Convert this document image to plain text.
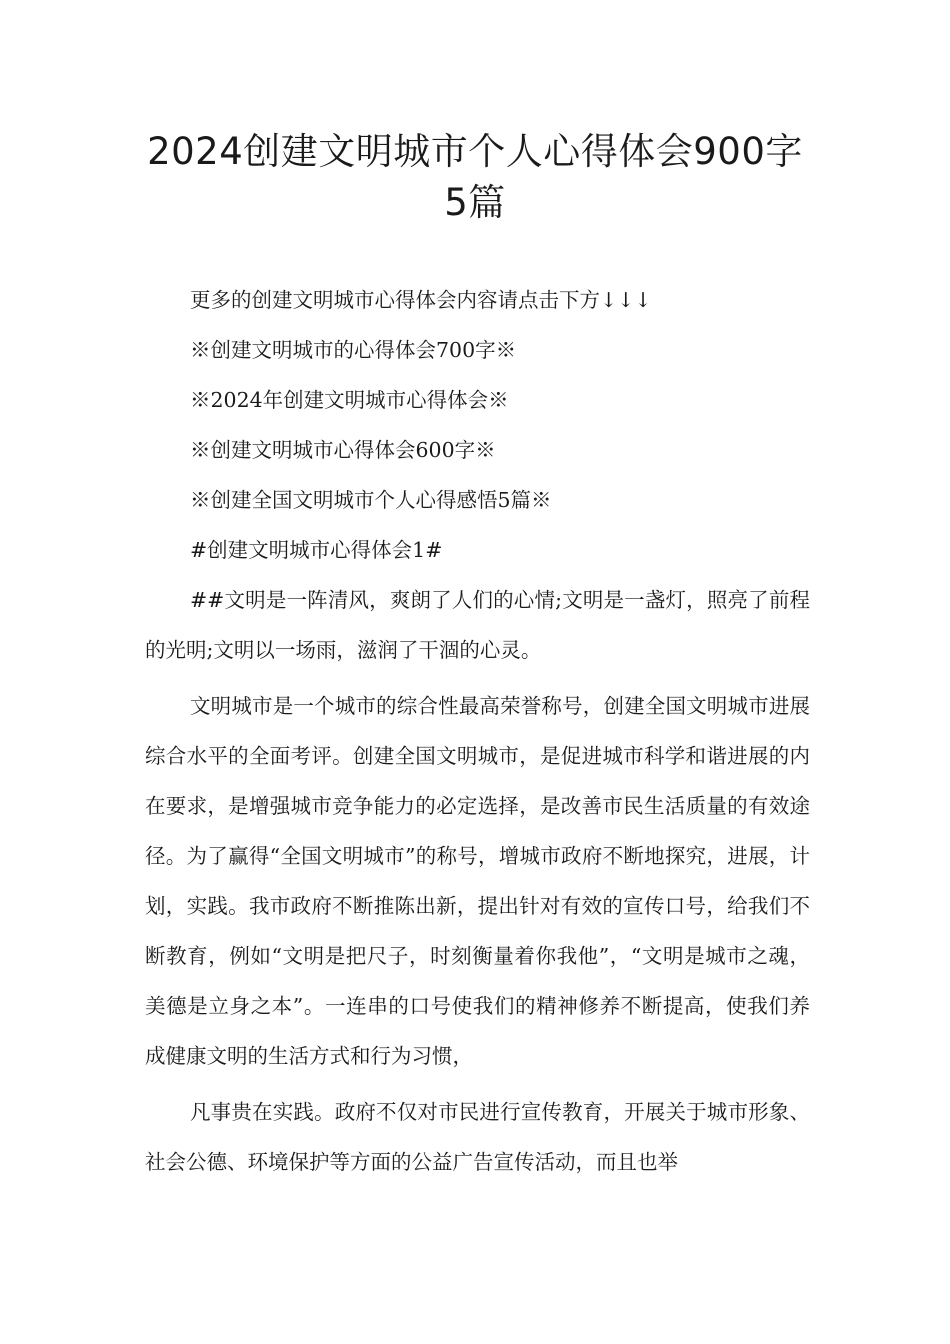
2024创建文明城市个人心得体会900字
5篇
更多的创建文明城市心得体会内容请点击下方↓↓↓
※创建文明城市的心得体会700字※
※2024年创建文明城市心得体会※
※创建文明城市心得体会600字※
※创建全国文明城市个人心得感悟5篇※
#创建文明城市心得体会1#

##文明是一阵清风，爽朗了人们的心情;文明是一盏灯，照亮了前程的光明;文明以一场雨，滋润了干涸的心灵。

文明城市是一个城市的综合性最高荣誉称号，创建全国文明城市进展综合水平的全面考评。创建全国文明城市，是促进城市科学和谐进展的内在要求，是增强城市竞争能力的必定选择，是改善市民生活质量的有效途径。为了赢得“全国文明城市”的称号，增城市政府不断地探究，进展，计划，实践。我市政府不断推陈出新，提出针对有效的宣传口号，给我们不断教育，例如“文明是把尺子，时刻衡量着你我他”，“文明是城市之魂，美德是立身之本”。一连串的口号使我们的精神修养不断提高，使我们养成健康文明的生活方式和行为习惯，

凡事贵在实践。政府不仅对市民进行宣传教育，开展关于城市形象、社会公德、环境保护等方面的公益广告宣传活动，而且也举
